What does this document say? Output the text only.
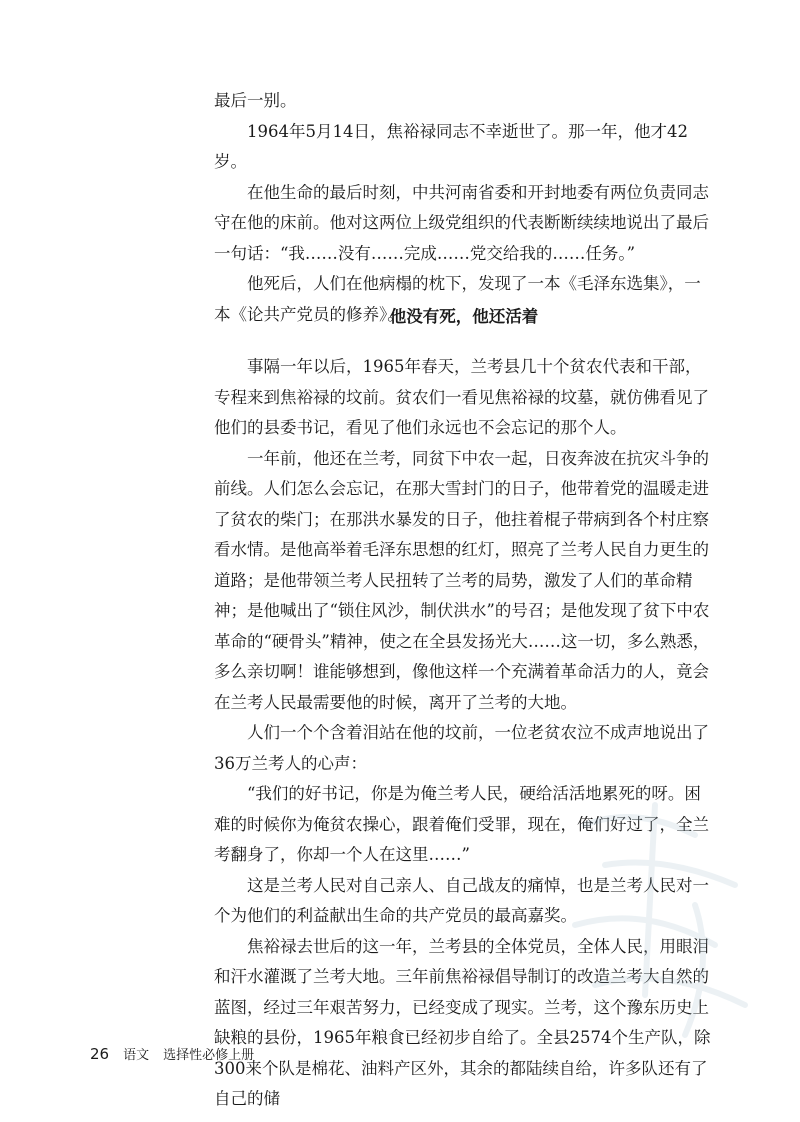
最后一别。

1964年5月14日，焦裕禄同志不幸逝世了。那一年，他才42岁。

在他生命的最后时刻，中共河南省委和开封地委有两位负责同志守在他的床前。他对这两位上级党组织的代表断断续续地说出了最后一句话：“我……没有……完成……党交给我的……任务。”

他死后，人们在他病榻的枕下，发现了一本《毛泽东选集》，一本《论共产党员的修养》。

他没有死，他还活着

事隔一年以后，1965年春天，兰考县几十个贫农代表和干部，专程来到焦裕禄的坟前。贫农们一看见焦裕禄的坟墓，就仿佛看见了他们的县委书记，看见了他们永远也不会忘记的那个人。

一年前，他还在兰考，同贫下中农一起，日夜奔波在抗灾斗争的前线。人们怎么会忘记，在那大雪封门的日子，他带着党的温暖走进了贫农的柴门；在那洪水暴发的日子，他拄着棍子带病到各个村庄察看水情。是他高举着毛泽东思想的红灯，照亮了兰考人民自力更生的道路；是他带领兰考人民扭转了兰考的局势，激发了人们的革命精神；是他喊出了“锁住风沙，制伏洪水”的号召；是他发现了贫下中农革命的“硬骨头”精神，使之在全县发扬光大……这一切，多么熟悉，多么亲切啊！谁能够想到，像他这样一个充满着革命活力的人，竟会在兰考人民最需要他的时候，离开了兰考的大地。

人们一个个含着泪站在他的坟前，一位老贫农泣不成声地说出了36万兰考人的心声：

“我们的好书记，你是为俺兰考人民，硬给活活地累死的呀。困难的时候你为俺贫农操心，跟着俺们受罪，现在，俺们好过了，全兰考翻身了，你却一个人在这里……”

这是兰考人民对自己亲人、自己战友的痛悼，也是兰考人民对一个为他们的利益献出生命的共产党员的最高嘉奖。

焦裕禄去世后的这一年，兰考县的全体党员，全体人民，用眼泪和汗水灌溉了兰考大地。三年前焦裕禄倡导制订的改造兰考大自然的蓝图，经过三年艰苦努力，已经变成了现实。兰考，这个豫东历史上缺粮的县份，1965年粮食已经初步自给了。全县2574个生产队，除300来个队是棉花、油料产区外，其余的都陆续自给，许多队还有了自己的储

26 语文 选择性必修上册
